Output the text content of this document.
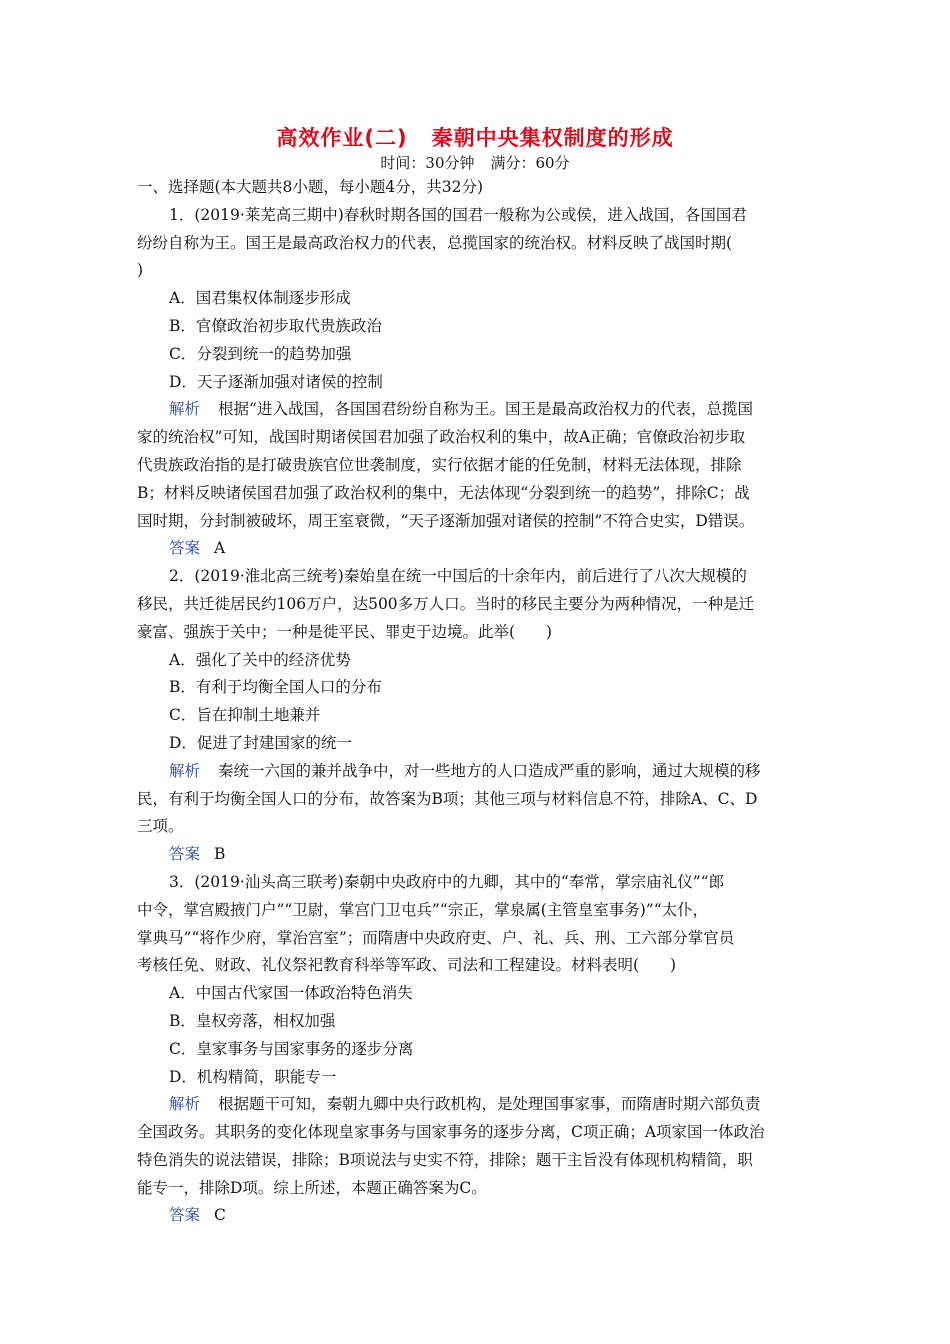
高效作业(二) 秦朝中央集权制度的形成
时间：30分钟 满分：60分
一、选择题(本大题共8小题，每小题4分，共32分)
1．(2019·莱芜高三期中)春秋时期各国的国君一般称为公或侯，进入战国，各国国君
纷纷自称为王。国王是最高政治权力的代表，总揽国家的统治权。材料反映了战国时期(
)
A．国君集权体制逐步形成
B．官僚政治初步取代贵族政治
C．分裂到统一的趋势加强
D．天子逐渐加强对诸侯的控制
解析 根据“进入战国，各国国君纷纷自称为王。国王是最高政治权力的代表，总揽国
家的统治权”可知，战国时期诸侯国君加强了政治权利的集中，故A正确；官僚政治初步取
代贵族政治指的是打破贵族官位世袭制度，实行依据才能的任免制，材料无法体现，排除
B；材料反映诸侯国君加强了政治权利的集中，无法体现“分裂到统一的趋势”，排除C；战
国时期，分封制被破坏，周王室衰微，“天子逐渐加强对诸侯的控制”不符合史实，D错误。
答案 A
2．(2019·淮北高三统考)秦始皇在统一中国后的十余年内，前后进行了八次大规模的
移民，共迁徙居民约106万户，达500多万人口。当时的移民主要分为两种情况，一种是迁
豪富、强族于关中；一种是徙平民、罪吏于边境。此举(　　)
A．强化了关中的经济优势
B．有利于均衡全国人口的分布
C．旨在抑制土地兼并
D．促进了封建国家的统一
解析 秦统一六国的兼并战争中，对一些地方的人口造成严重的影响，通过大规模的移
民，有利于均衡全国人口的分布，故答案为B项；其他三项与材料信息不符，排除A、C、D
三项。
答案 B
3．(2019·汕头高三联考)秦朝中央政府中的九卿，其中的“奉常，掌宗庙礼仪”“郎
中令，掌宫殿掖门户”“卫尉，掌宫门卫屯兵”“宗正，掌泉属(主管皇室事务)”“太仆，
掌典马”“将作少府，掌治宫室”；而隋唐中央政府吏、户、礼、兵、刑、工六部分掌官员
考核任免、财政、礼仪祭祀教育科举等军政、司法和工程建设。材料表明(　　)
A．中国古代家国一体政治特色消失
B．皇权旁落，相权加强
C．皇家事务与国家事务的逐步分离
D．机构精简，职能专一
解析 根据题干可知，秦朝九卿中央行政机构，是处理国事家事，而隋唐时期六部负责
全国政务。其职务的变化体现皇家事务与国家事务的逐步分离，C项正确；A项家国一体政治
特色消失的说法错误，排除；B项说法与史实不符，排除；题干主旨没有体现机构精简，职
能专一，排除D项。综上所述，本题正确答案为C。
答案 C
